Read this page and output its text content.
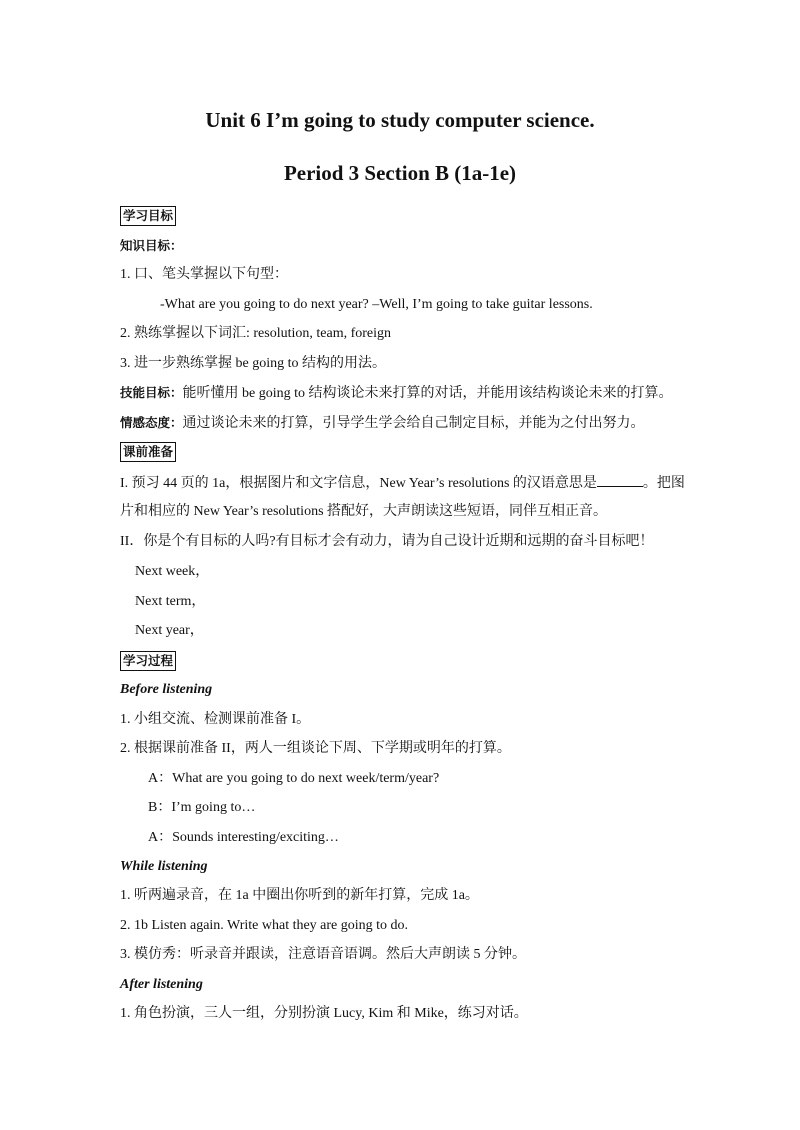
Unit 6 I’m going to study computer science.
Period 3 Section B (1a-1e)
学习目标
知识目标：
1. 口、笔头掌握以下句型：
-What are you going to do next year? –Well, I’m going to take guitar lessons.
2. 熟练掌握以下词汇: resolution, team, foreign
3. 进一步熟练掌握 be going to 结构的用法。
技能目标：能听懂用 be going to 结构谈论未来打算的对话，并能用该结构谈论未来的打算。
情感态度：通过谈论未来的打算，引导学生学会给自己制定目标，并能为之付出努力。
课前准备
I. 预习 44 页的 1a，根据图片和文字信息，New Year’s resolutions 的汉语意思是	。把图
片和相应的 New Year’s resolutions 搭配好，大声朗读这些短语，同伴互相正音。
II．你是个有目标的人吗?有目标才会有动力，请为自己设计近期和远期的奋斗目标吧！
Next week，
Next term，
Next year，
学习过程
Before listening
1. 小组交流、检测课前准备 I。
2. 根据课前准备 II，两人一组谈论下周、下学期或明年的打算。
A：What are you going to do next week/term/year?
B：I’m going to…
A：Sounds interesting/exciting…
While listening
1. 听两遍录音，在 1a 中圈出你听到的新年打算，完成 1a。
2. 1b Listen again. Write what they are going to do.
3. 模仿秀：听录音并跟读，注意语音语调。然后大声朗读 5 分钟。
After listening
1. 角色扮演，三人一组，分别扮演 Lucy, Kim 和 Mike，练习对话。
